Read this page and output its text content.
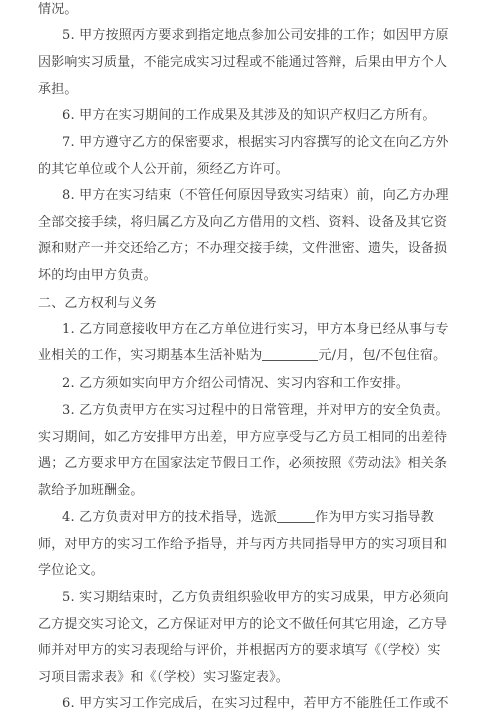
情况。
5. 甲方按照丙方要求到指定地点参加公司安排的工作；如因甲方原
因影响实习质量，不能完成实习过程或不能通过答辩，后果由甲方个人
承担。
6. 甲方在实习期间的工作成果及其涉及的知识产权归乙方所有。
7. 甲方遵守乙方的保密要求，根据实习内容撰写的论文在向乙方外
的其它单位或个人公开前，须经乙方许可。
8. 甲方在实习结束（不管任何原因导致实习结束）前，向乙方办理
全部交接手续，将归属乙方及向乙方借用的文档、资料、设备及其它资
源和财产一并交还给乙方；不办理交接手续，文件泄密、遗失，设备损
坏的均由甲方负责。
二、乙方权利与义务
1. 乙方同意接收甲方在乙方单位进行实习，甲方本身已经从事与专
业相关的工作，实习期基本生活补贴为	元/月，包/不包住宿。
2. 乙方须如实向甲方介绍公司情况、实习内容和工作安排。
3. 乙方负责甲方在实习过程中的日常管理，并对甲方的安全负责。
实习期间，如乙方安排甲方出差，甲方应享受与乙方员工相同的出差待
遇；乙方要求甲方在国家法定节假日工作，必须按照《劳动法》相关条
款给予加班酬金。
4. 乙方负责对甲方的技术指导，选派	作为甲方实习指导教
师，对甲方的实习工作给予指导，并与丙方共同指导甲方的实习项目和
学位论文。
5. 实习期结束时，乙方负责组织验收甲方的实习成果，甲方必须向
乙方提交实习论文，乙方保证对甲方的论文不做任何其它用途，乙方导
师并对甲方的实习表现给与评价，并根据丙方的要求填写《（学校）实
习项目需求表》和《（学校）实习鉴定表》。
6. 甲方实习工作完成后，在实习过程中，若甲方不能胜任工作或不
